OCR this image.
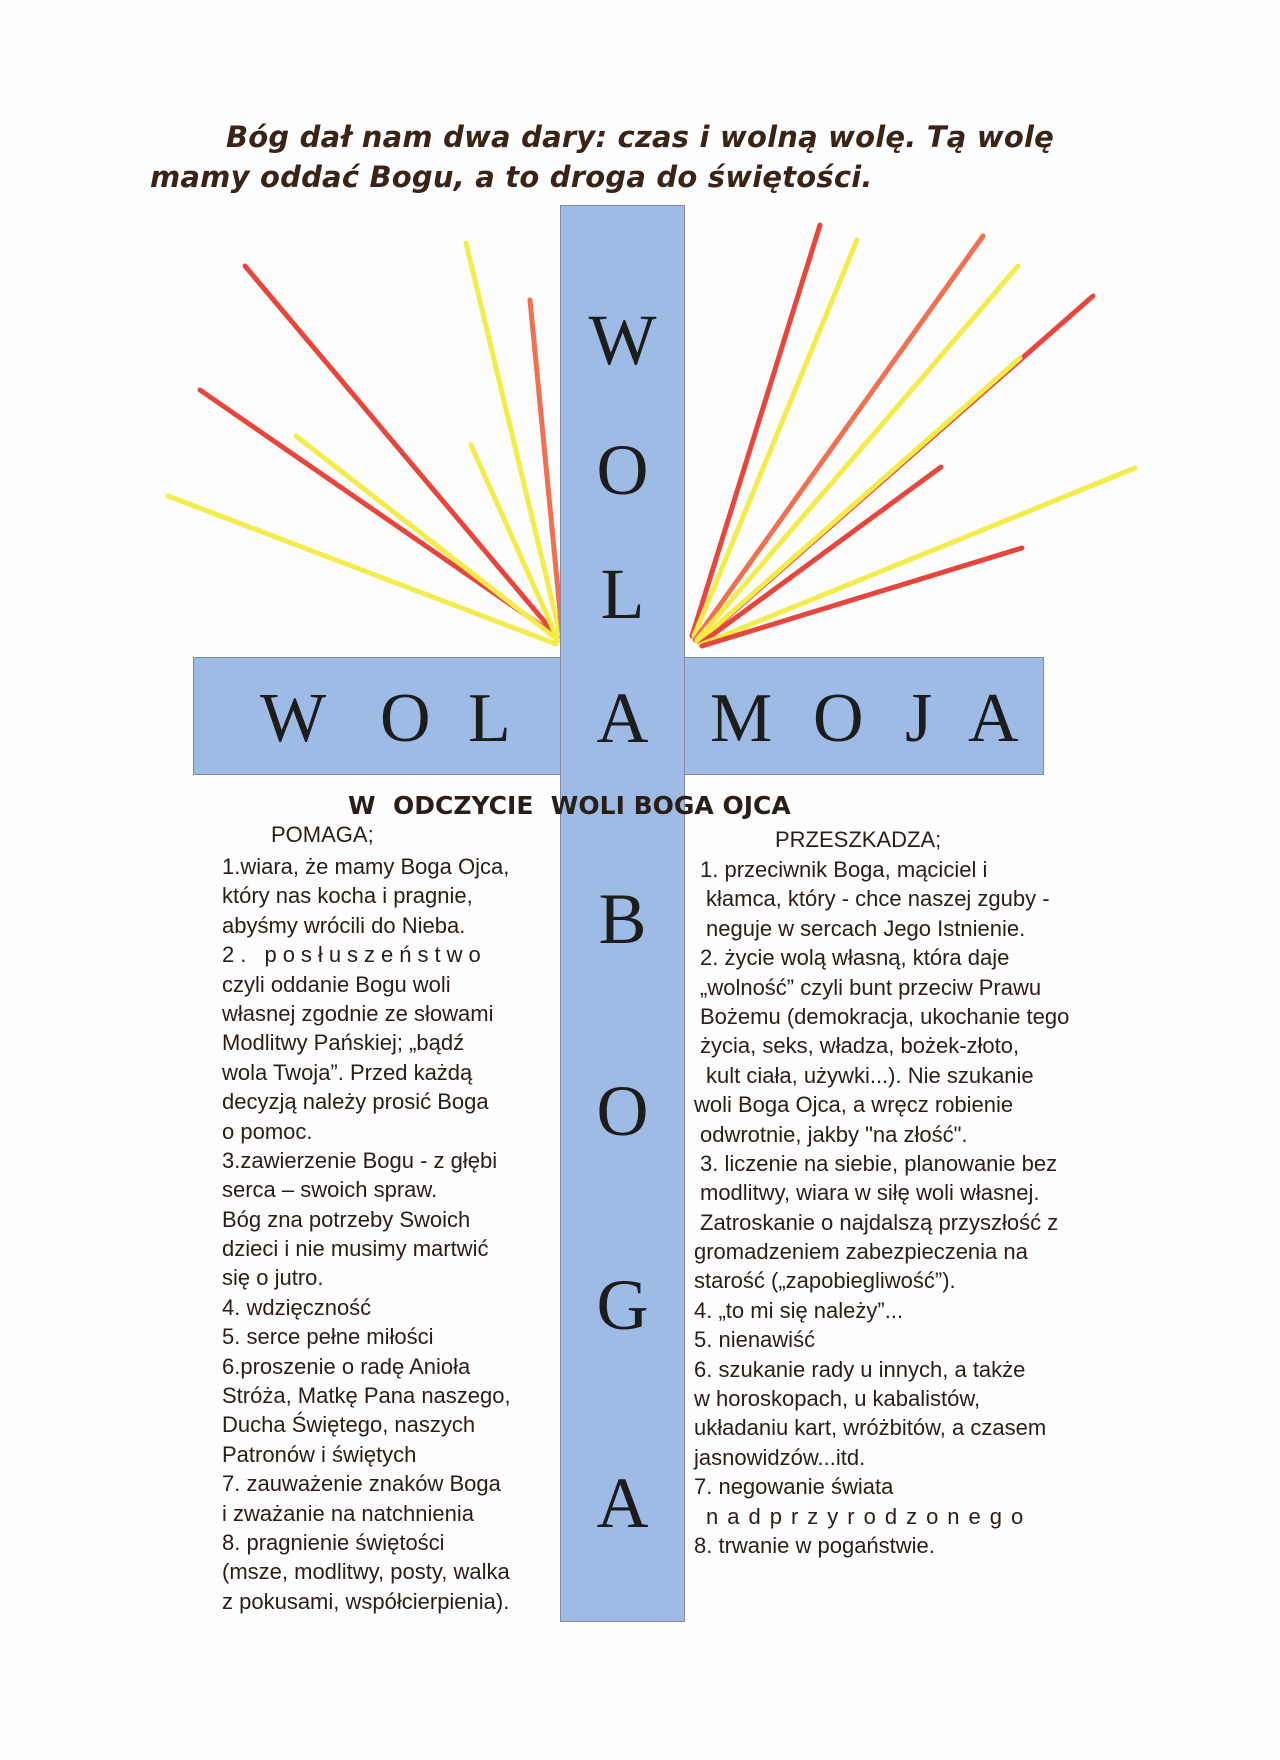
Bóg dał nam dwa dary: czas i wolną wolę. Tą wolę
mamy oddać Bogu, a to droga do świętości.
W O L	M O J A
W
O
L
A
B
O
G
A
W  ODCZYCIE  WOLI BOGA OJCA
POMAGA;	PRZESZKADZA;
1.wiara, że mamy Boga Ojca,
który nas kocha i pragnie,
abyśmy wrócili do Nieba.
2. posłuszeństwo
czyli oddanie Bogu woli
własnej zgodnie ze słowami
Modlitwy Pańskiej; „bądź
wola Twoja”. Przed każdą
decyzją należy prosić Boga
o pomoc.
3.zawierzenie Bogu - z głębi
serca – swoich spraw.
Bóg zna potrzeby Swoich
dzieci i nie musimy martwić
się o jutro.
4. wdzięczność
5. serce pełne miłości
6.proszenie o radę Anioła
Stróża, Matkę Pana naszego,
Ducha Świętego, naszych
Patronów i świętych
7. zauważenie znaków Boga
i zważanie na natchnienia
8. pragnienie świętości
(msze, modlitwy, posty, walka
z pokusami, współcierpienia).
1. przeciwnik Boga, mąciciel i
kłamca, który - chce naszej zguby -
neguje w sercach Jego Istnienie.
2. życie wolą własną, która daje
„wolność” czyli bunt przeciw Prawu
Bożemu (demokracja, ukochanie tego
życia, seks, władza, bożek-złoto,
kult ciała, używki...). Nie szukanie
woli Boga Ojca, a wręcz robienie
odwrotnie, jakby "na złość".
3. liczenie na siebie, planowanie bez
modlitwy, wiara w siłę woli własnej.
Zatroskanie o najdalszą przyszłość z
gromadzeniem zabezpieczenia na
starość („zapobiegliwość”).
4. „to mi się należy”...
5. nienawiść
6. szukanie rady u innych, a także
w horoskopach, u kabalistów,
układaniu kart, wróżbitów, a czasem
jasnowidzów...itd.
7. negowanie świata
nadprzyrodzonego
8. trwanie w pogaństwie.
